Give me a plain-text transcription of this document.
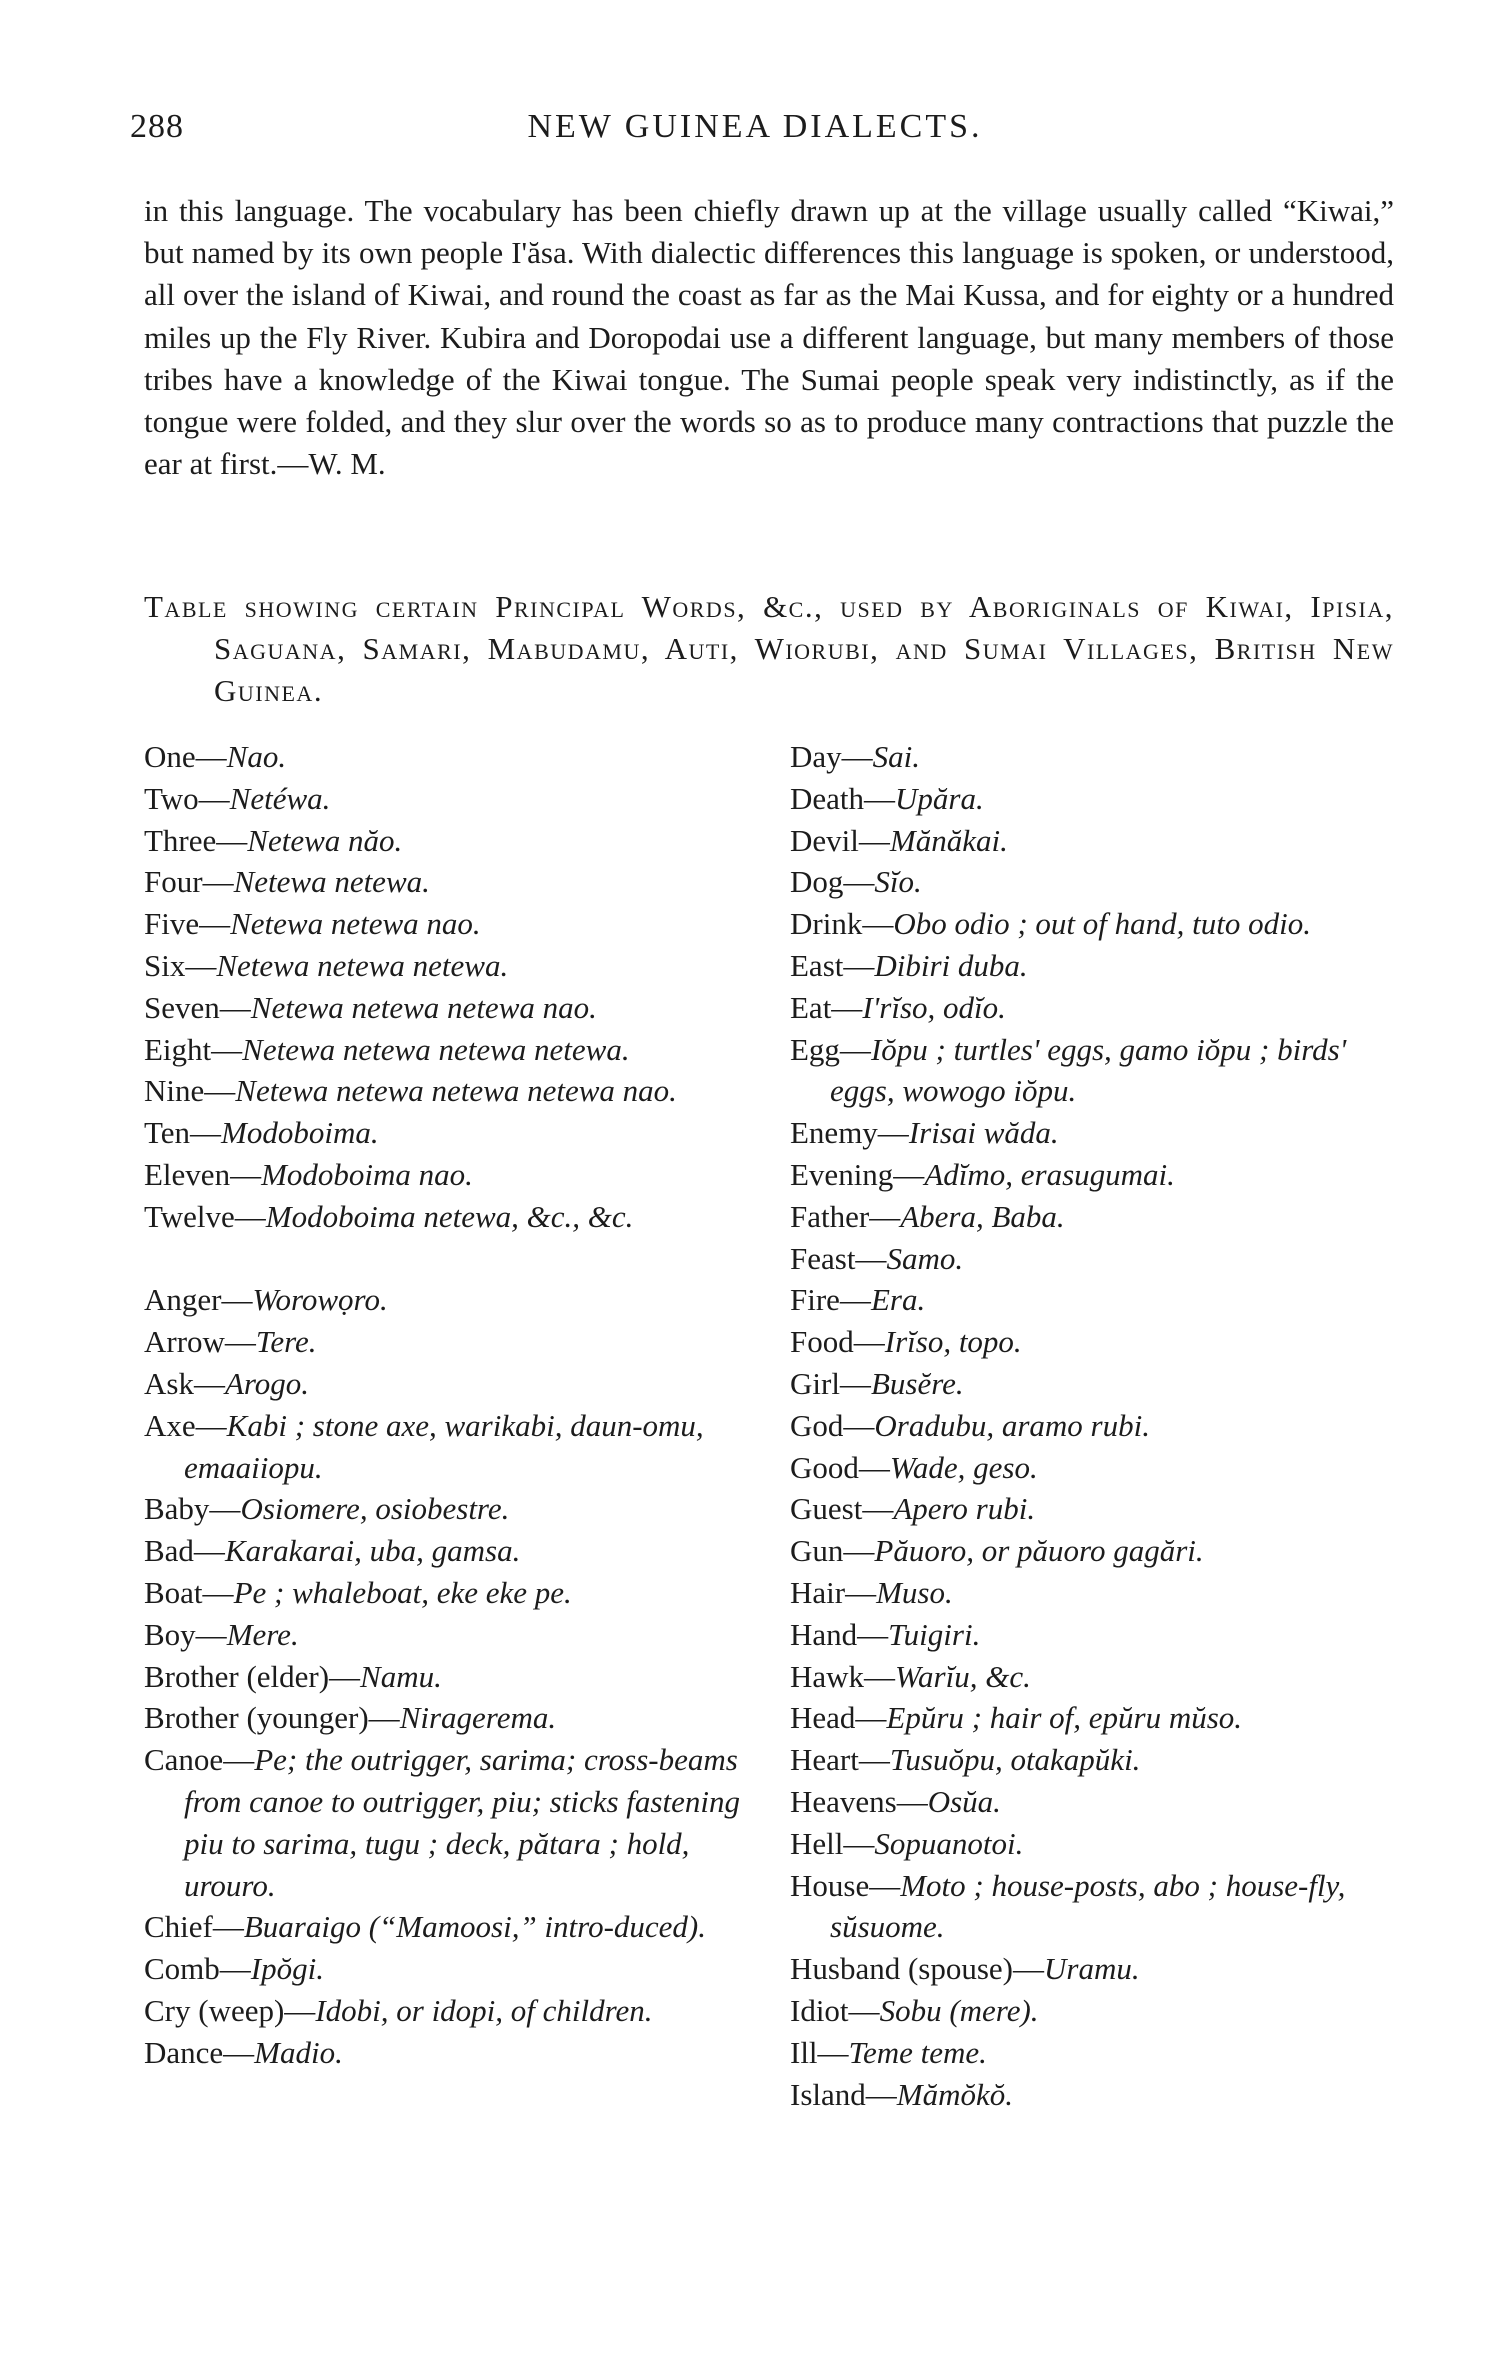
288	NEW GUINEA DIALECTS.

in this language. The vocabulary has been chiefly drawn up at the village usually called “Kiwai,” but named by its own people I'ăsa. With dialectic differences this language is spoken, or understood, all over the island of Kiwai, and round the coast as far as the Mai Kussa, and for eighty or a hundred miles up the Fly River. Kubira and Doropodai use a different language, but many members of those tribes have a knowledge of the Kiwai tongue. The Sumai people speak very indistinctly, as if the tongue were folded, and they slur over the words so as to produce many contractions that puzzle the ear at first.—W. M.

Table showing certain Principal Words, &c., used by Aboriginals of Kiwai, Ipisia, Saguana, Samari, Mabudamu, Auti, Wiorubi, and Sumai Villages, British New Guinea.

One—Nao.

Two—Netéwa.

Three—Netewa năo.

Four—Netewa netewa.

Five—Netewa netewa nao.

Six—Netewa netewa netewa.

Seven—Netewa netewa netewa nao.

Eight—Netewa netewa netewa netewa.

Nine—Netewa netewa netewa netewa nao.

Ten—Modoboima.

Eleven—Modoboima nao.

Twelve—Modoboima netewa, &c., &c.

Anger—Worowọro.

Arrow—Tere.

Ask—Arogo.

Axe—Kabi ; stone axe, warikabi, daun-omu, emaaiiopu.

Baby—Osiomere, osiobestre.

Bad—Karakarai, uba, gamsa.

Boat—Pe ; whaleboat, eke eke pe.

Boy—Mere.

Brother (elder)—Namu.

Brother (younger)—Niragerema.

Canoe—Pe; the outrigger, sarima; cross-beams from canoe to outrigger, piu; sticks fastening piu to sarima, tugu ; deck, pătara ; hold, urouro.

Chief—Buaraigo (“Mamoosi,” intro-duced).

Comb—Ipŏgi.

Cry (weep)—Idobi, or idopi, of children.

Dance—Madio.

Day—Sai.

Death—Upăra.

Devil—Mănăkai.

Dog—Sĭo.

Drink—Obo odio ; out of hand, tuto odio.

East—Dibiri duba.

Eat—I'rĭso, odĭo.

Egg—Iŏpu ; turtles' eggs, gamo iŏpu ; birds' eggs, wowogo iŏpu.

Enemy—Irisai wăda.

Evening—Adĭmo, erasugumai.

Father—Abera, Baba.

Feast—Samo.

Fire—Era.

Food—Irĭso, topo.

Girl—Busĕre.

God—Oradubu, aramo rubi.

Good—Wade, geso.

Guest—Apero rubi.

Gun—Păuoro, or păuoro gagări.

Hair—Muso.

Hand—Tuigiri.

Hawk—Warĭu, &c.

Head—Epŭru ; hair of, epŭru mŭso.

Heart—Tusuŏpu, otakapŭki.

Heavens—Osŭa.

Hell—Sopuanotoi.

House—Moto ; house-posts, abo ; house-fly, sŭsuome.

Husband (spouse)—Uramu.

Idiot—Sobu (mere).

Ill—Teme teme.

Island—Mămŏkŏ.
